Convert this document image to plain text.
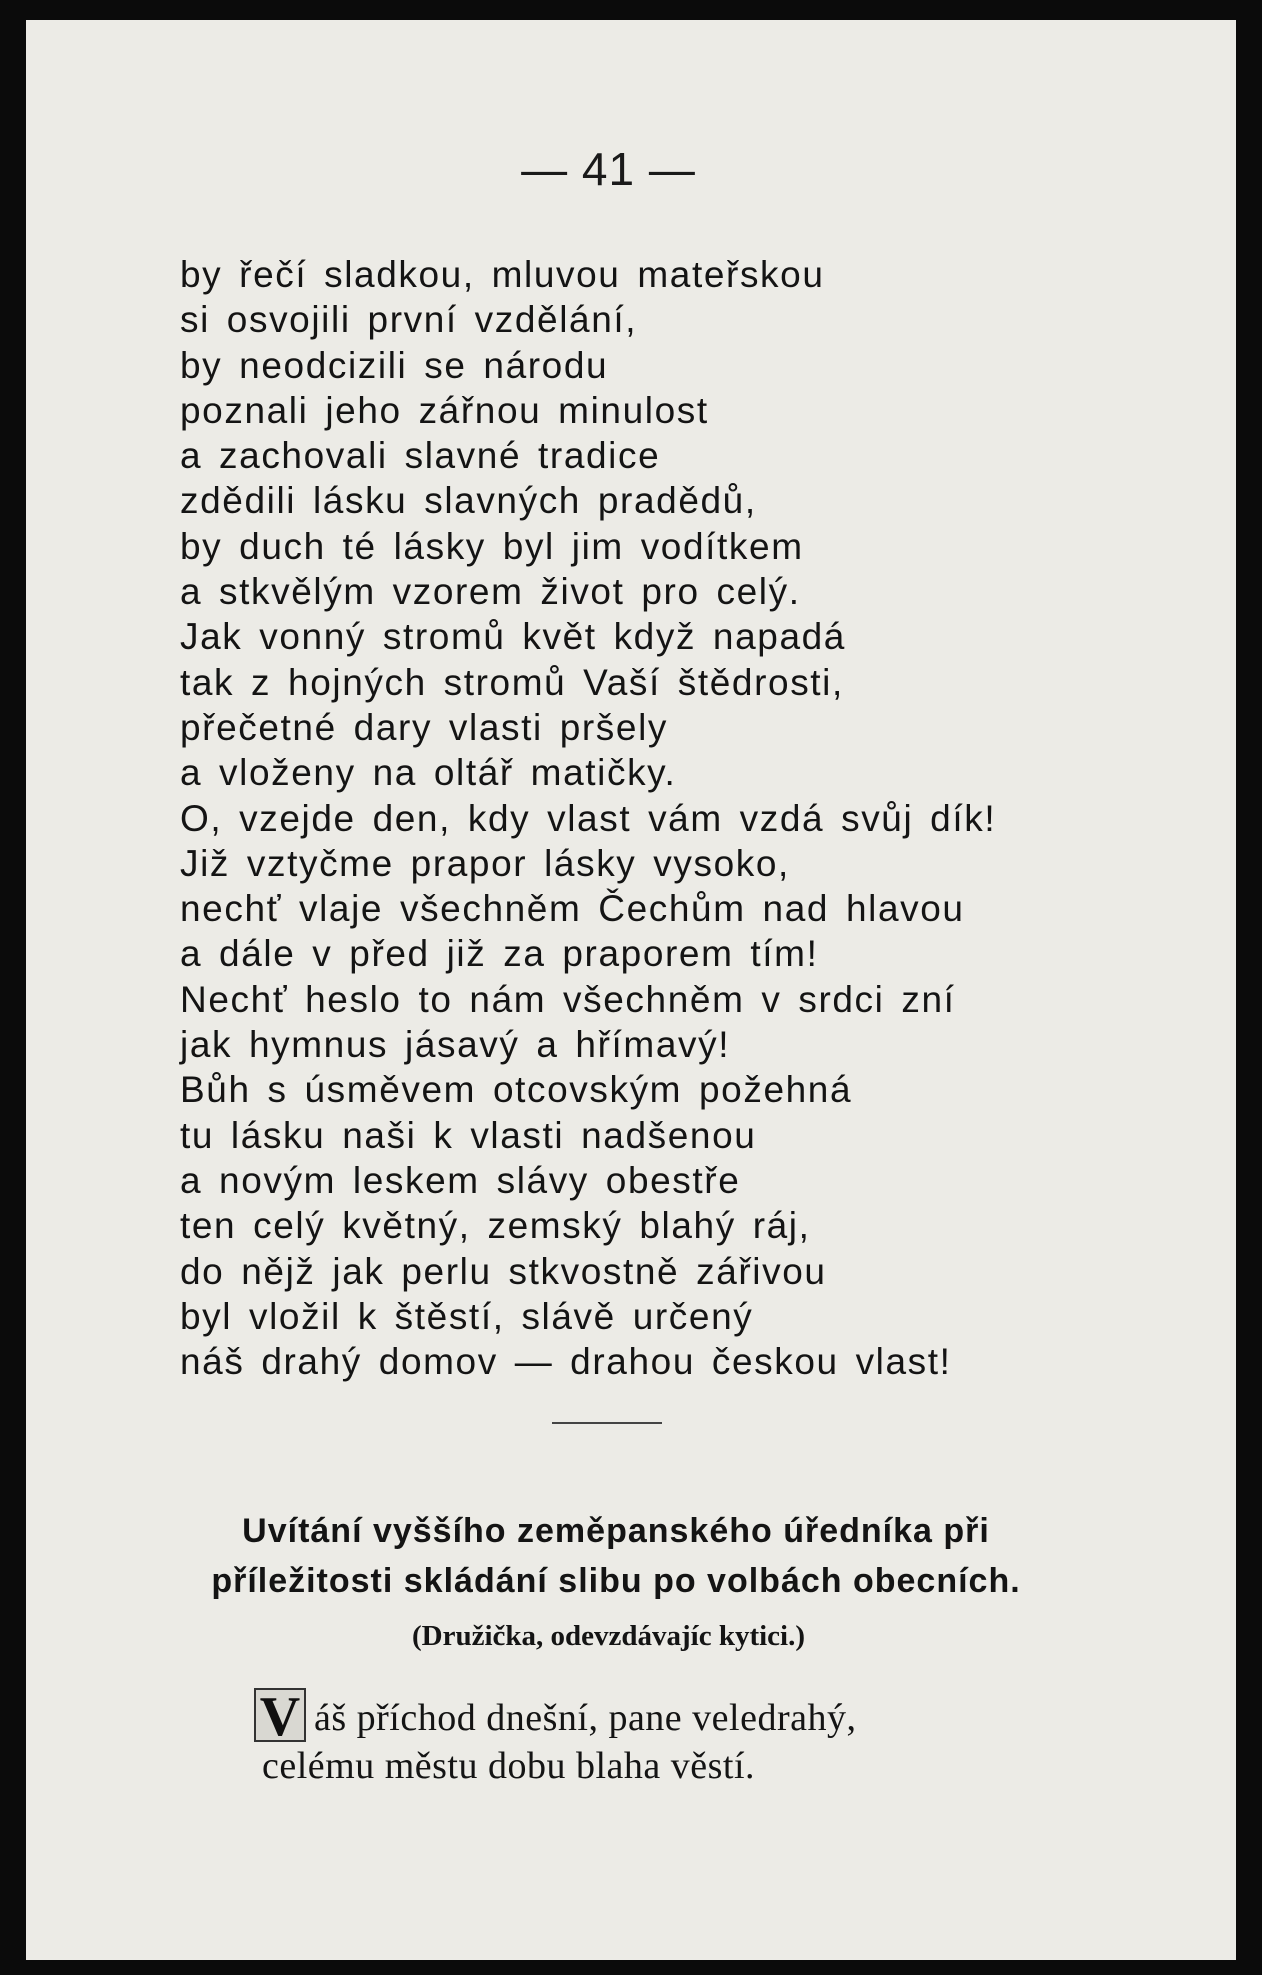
— 41 —
by řečí sladkou, mluvou mateřskou
si osvojili první vzdělání,
by neodcizili se národu
poznali jeho zářnou minulost
a zachovali slavné tradice
zdědili lásku slavných pradědů,
by duch té lásky byl jim vodítkem
a stkvělým vzorem život pro celý.
Jak vonný stromů květ když napadá
tak z hojných stromů Vaší štědrosti,
přečetné dary vlasti pršely
a vloženy na oltář matičky.
O, vzejde den, kdy vlast vám vzdá svůj dík!
Již vztyčme prapor lásky vysoko,
nechť vlaje všechněm Čechům nad hlavou
a dále v před již za praporem tím!
Nechť heslo to nám všechněm v srdci zní
jak hymnus jásavý a hřímavý!
Bůh s úsměvem otcovským požehná
tu lásku naši k vlasti nadšenou
a novým leskem slávy obestře
ten celý květný, zemský blahý ráj,
do nějž jak perlu stkvostně zářivou
byl vložil k štěstí, slávě určený
náš drahý domov — drahou českou vlast!
Uvítání vyššího zeměpanského úředníka při
příležitosti skládání slibu po volbách obecních.
(Družička, odevzdávajíc kytici.)
áš příchod dnešní, pane veledrahý,
celému městu dobu blaha věstí.
V
